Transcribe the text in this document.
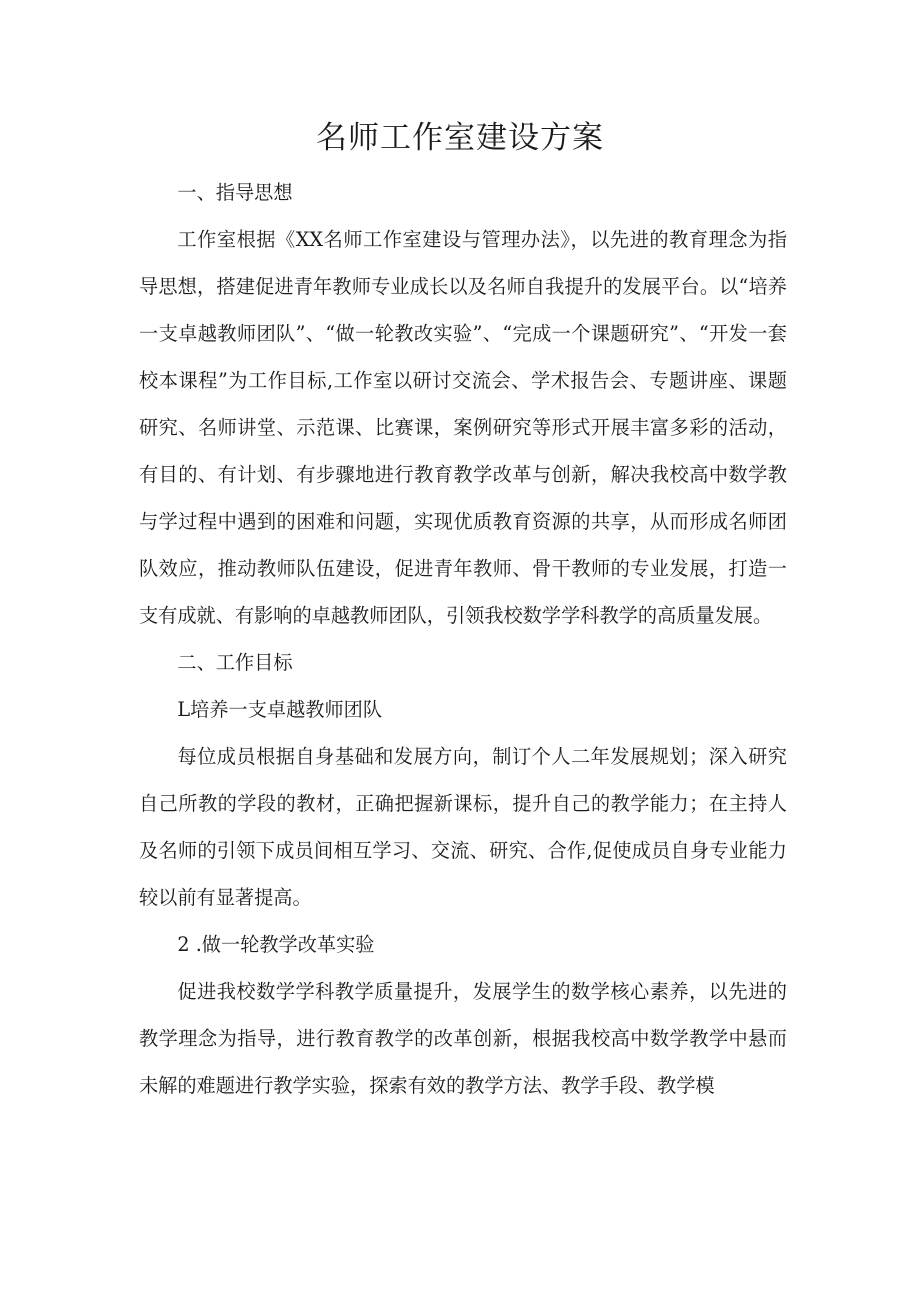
名师工作室建设方案

一、指导思想

工作室根据《XX名师工作室建设与管理办法》，以先进的教育理念为指导思想，搭建促进青年教师专业成长以及名师自我提升的发展平台。以“培养一支卓越教师团队”、“做一轮教改实验”、“完成一个课题研究”、“开发一套校本课程”为工作目标,工作室以研讨交流会、学术报告会、专题讲座、课题研究、名师讲堂、示范课、比赛课，案例研究等形式开展丰富多彩的活动，有目的、有计划、有步骤地进行教育教学改革与创新，解决我校高中数学教与学过程中遇到的困难和问题，实现优质教育资源的共享，从而形成名师团队效应，推动教师队伍建设，促进青年教师、骨干教师的专业发展，打造一支有成就、有影响的卓越教师团队，引领我校数学学科教学的高质量发展。

二、工作目标

L培养一支卓越教师团队

每位成员根据自身基础和发展方向，制订个人二年发展规划；深入研究自己所教的学段的教材，正确把握新课标，提升自己的教学能力；在主持人及名师的引领下成员间相互学习、交流、研究、合作,促使成员自身专业能力较以前有显著提高。

2 .做一轮教学改革实验

促进我校数学学科教学质量提升，发展学生的数学核心素养，以先进的教学理念为指导，进行教育教学的改革创新，根据我校高中数学教学中悬而未解的难题进行教学实验，探索有效的教学方法、教学手段、教学模
